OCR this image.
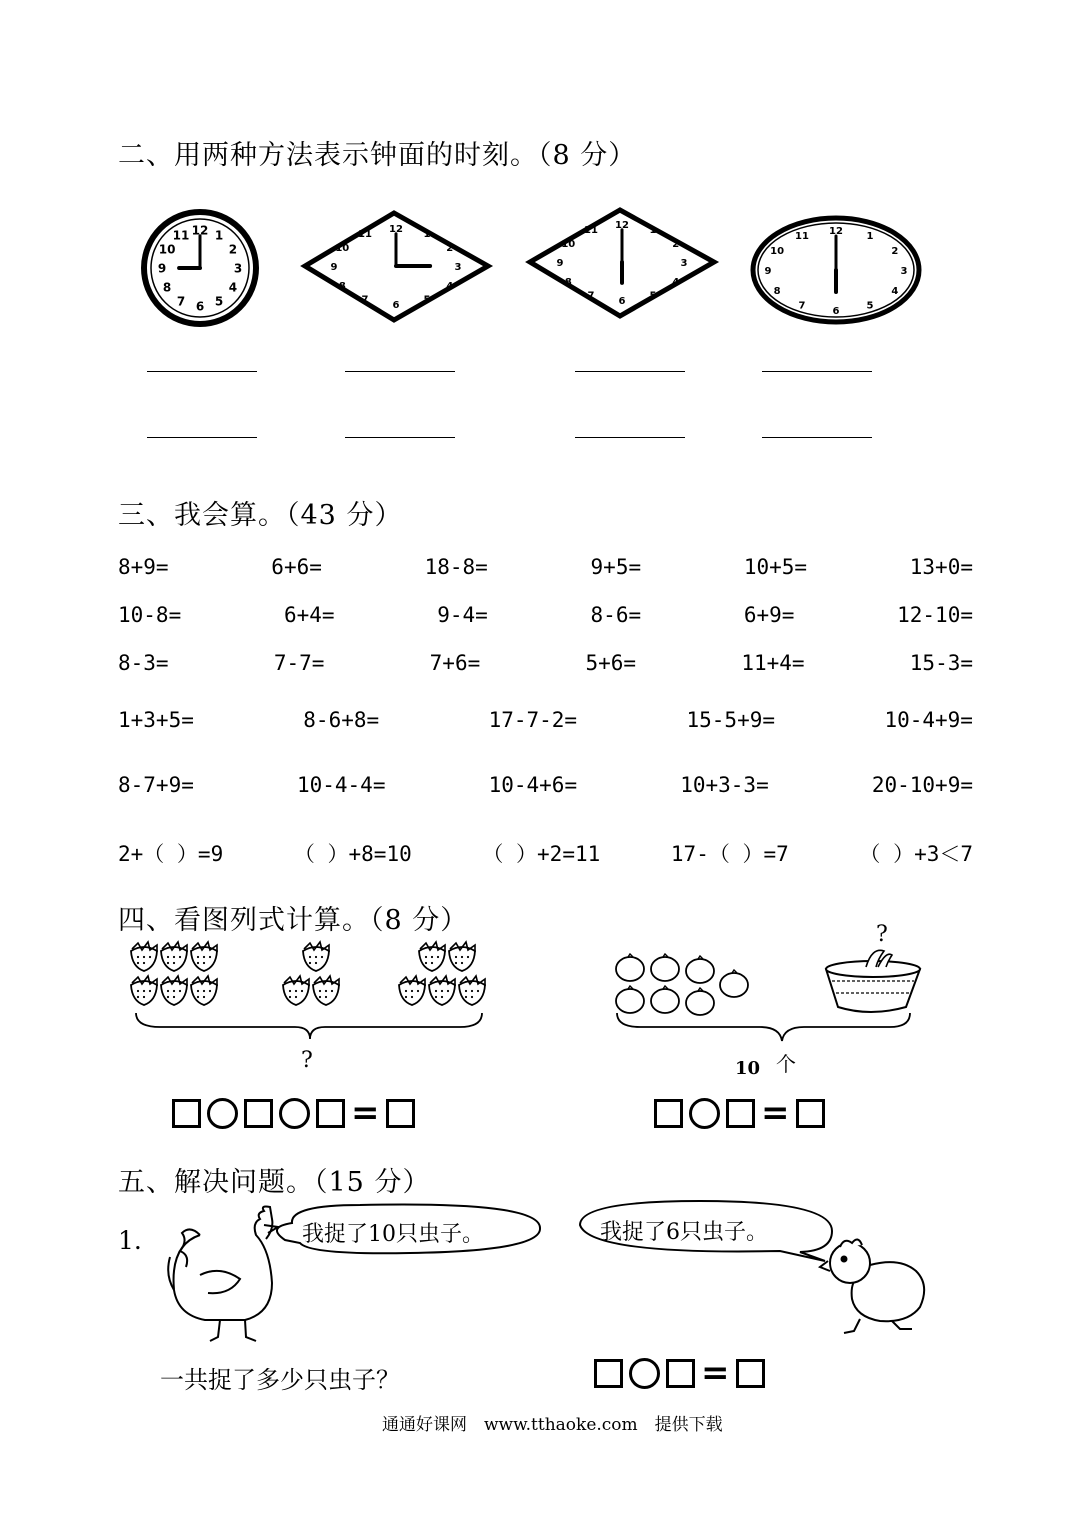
二、用两种方法表示钟面的时刻。（8 分）
12 1
2
3
4
5
6
7
8
9
10
11	12 1
2
3
4
5
6
7
8
9
10
11
12 1
2
3
4
5
6
7
8
9
10
11	12 1
2
3
4
5
6
7
8
9
10
11
三、我会算。（43 分）
8+9=	6+6=	18-8=	9+5=	10+5=	13+0=
10-8=	6+4=	9-4=	8-6=	6+9=	12-10=
8-3=	7-7=	7+6=	5+6=	11+4=	15-3=
1+3+5=	8-6+8=	17-7-2=	15-5+9=	10-4+9=
8-7+9=	10-4-4=	10-4+6=	10+3-3=	20-10+9=
2+（ ）=9	（ ）+8=10	（ ）+2=11	17-（ ）=7	（ ）+3＜7
四、看图列式计算。（8 分）
?
?
10 个
=	=
五、解决问题。（15 分）
1.	我捉了10只虫子。	我捉了6只虫子。
一共捉了多少只虫子？	=
通通好课网　www.tthaoke.com　提供下载
